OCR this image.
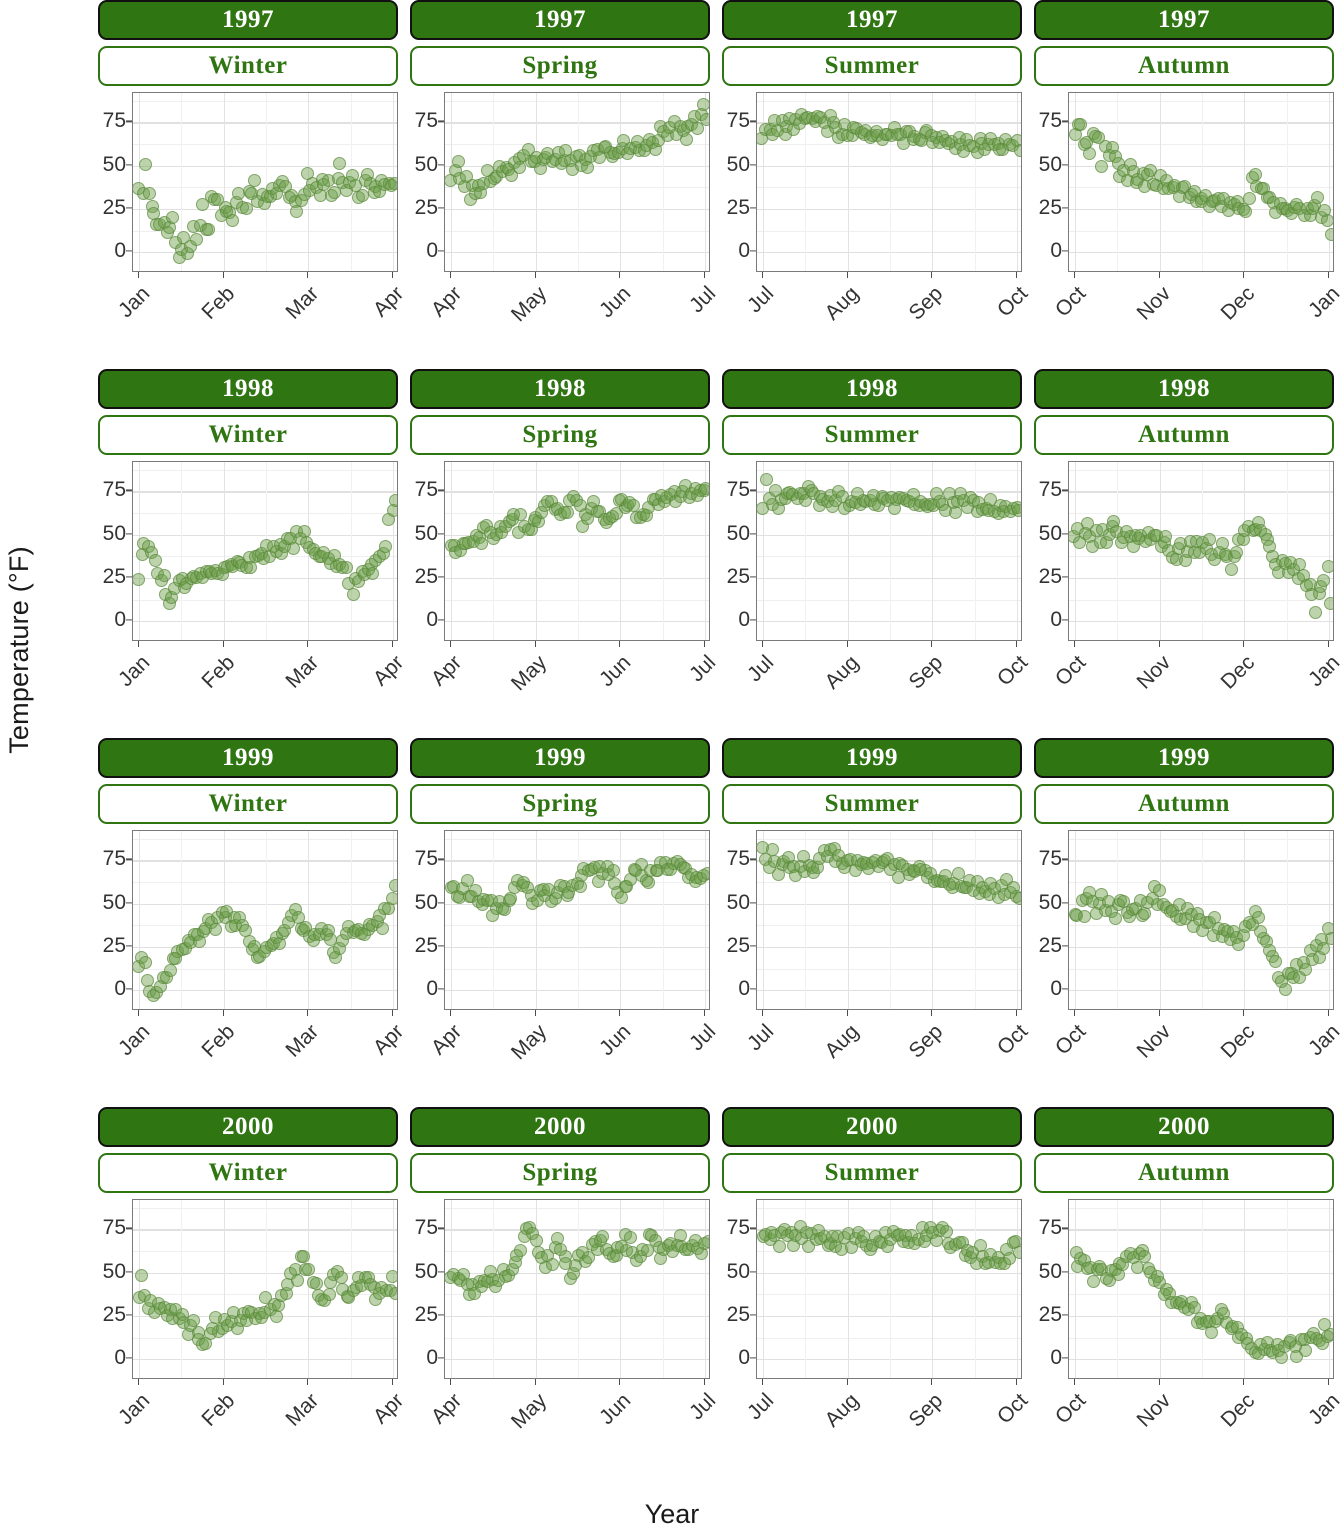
Temperature (°F)
1997
Winter
0
25
50
75
Jan	Feb	Mar	Apr
1997
Spring
0
25
50
75
Apr	May	Jun	Jul
1997
Summer
0
25
50
75
Jul	Aug	Sep	Oct
1997
Autumn
0
25
50
75
Oct	Nov	Dec	Jan
1998
Winter
0
25
50
75
Jan	Feb	Mar	Apr
1998
Spring
0
25
50
75
Apr	May	Jun	Jul
1998
Summer
0
25
50
75
Jul	Aug	Sep	Oct
1998
Autumn
0
25
50
75
Oct	Nov	Dec	Jan
1999
Winter
0
25
50
75
Jan	Feb	Mar	Apr
1999
Spring
0
25
50
75
Apr	May	Jun	Jul
1999
Summer
0
25
50
75
Jul	Aug	Sep	Oct
1999
Autumn
0
25
50
75
Oct	Nov	Dec	Jan
2000
Winter
0
25
50
75
Jan	Feb	Mar	Apr
2000
Spring
0
25
50
75
Apr	May	Jun	Jul
2000
Summer
0
25
50
75
Jul	Aug	Sep	Oct
2000
Autumn
0
25
50
75
Oct	Nov	Dec	Jan
Year
